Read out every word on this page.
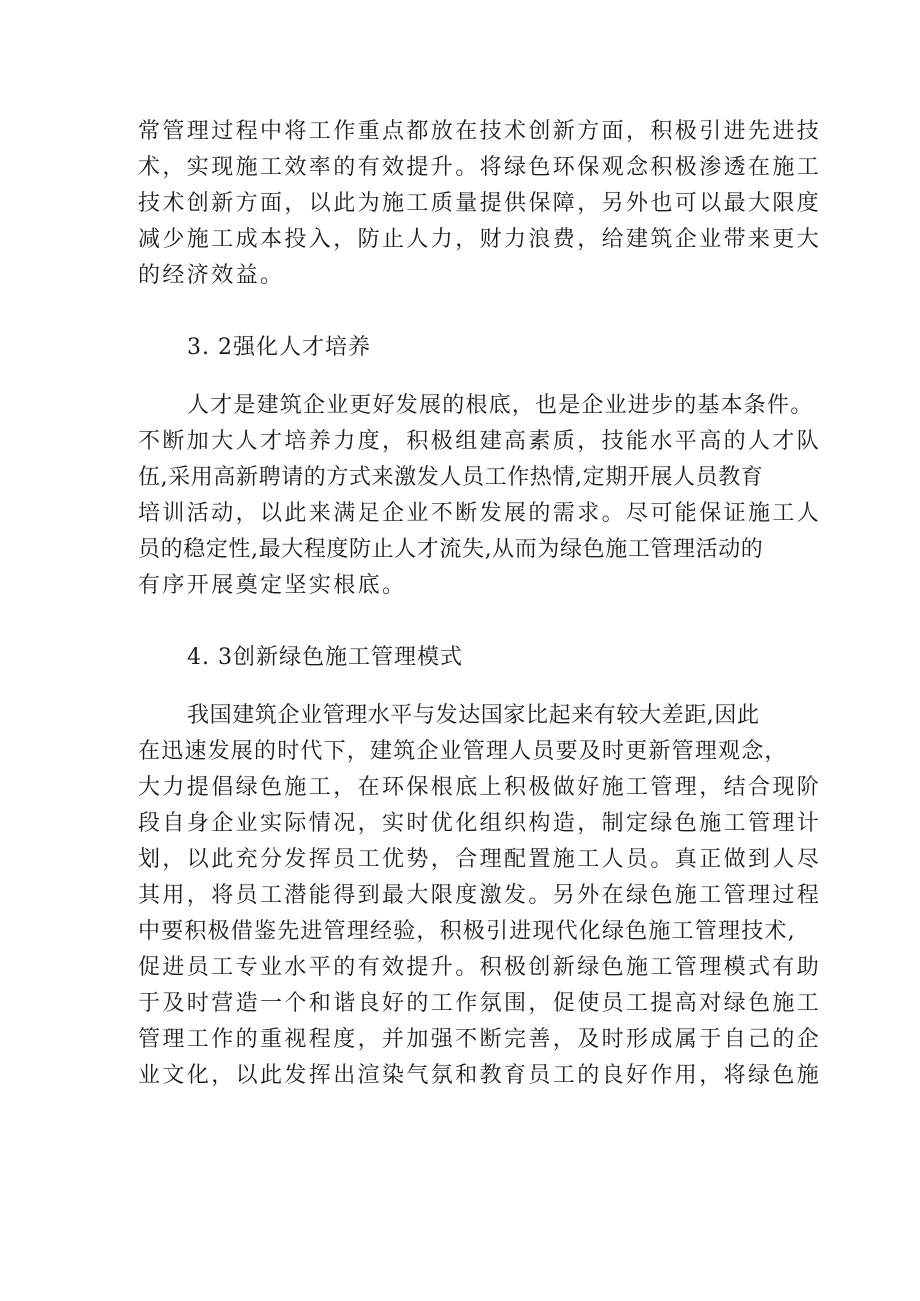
常管理过程中将工作重点都放在技术创新方面，积极引进先进技
术，实现施工效率的有效提升。将绿色环保观念积极渗透在施工
技术创新方面，以此为施工质量提供保障，另外也可以最大限度
减少施工成本投入，防止人力，财力浪费，给建筑企业带来更大
的经济效益。
3. 2强化人才培养
人才是建筑企业更好发展的根底，也是企业进步的基本条件。
不断加大人才培养力度，积极组建高素质，技能水平高的人才队
伍,采用高新聘请的方式来激发人员工作热情,定期开展人员教育
培训活动，以此来满足企业不断发展的需求。尽可能保证施工人
员的稳定性,最大程度防止人才流失,从而为绿色施工管理活动的
有序开展奠定坚实根底。
4. 3创新绿色施工管理模式
我国建筑企业管理水平与发达国家比起来有较大差距,因此
在迅速发展的时代下，建筑企业管理人员要及时更新管理观念，
大力提倡绿色施工，在环保根底上积极做好施工管理，结合现阶
段自身企业实际情况，实时优化组织构造，制定绿色施工管理计
划，以此充分发挥员工优势，合理配置施工人员。真正做到人尽
其用，将员工潜能得到最大限度激发。另外在绿色施工管理过程
中要积极借鉴先进管理经验，积极引进现代化绿色施工管理技术,
促进员工专业水平的有效提升。积极创新绿色施工管理模式有助
于及时营造一个和谐良好的工作氛围，促使员工提高对绿色施工
管理工作的重视程度，并加强不断完善，及时形成属于自己的企
业文化，以此发挥出渲染气氛和教育员工的良好作用，将绿色施
